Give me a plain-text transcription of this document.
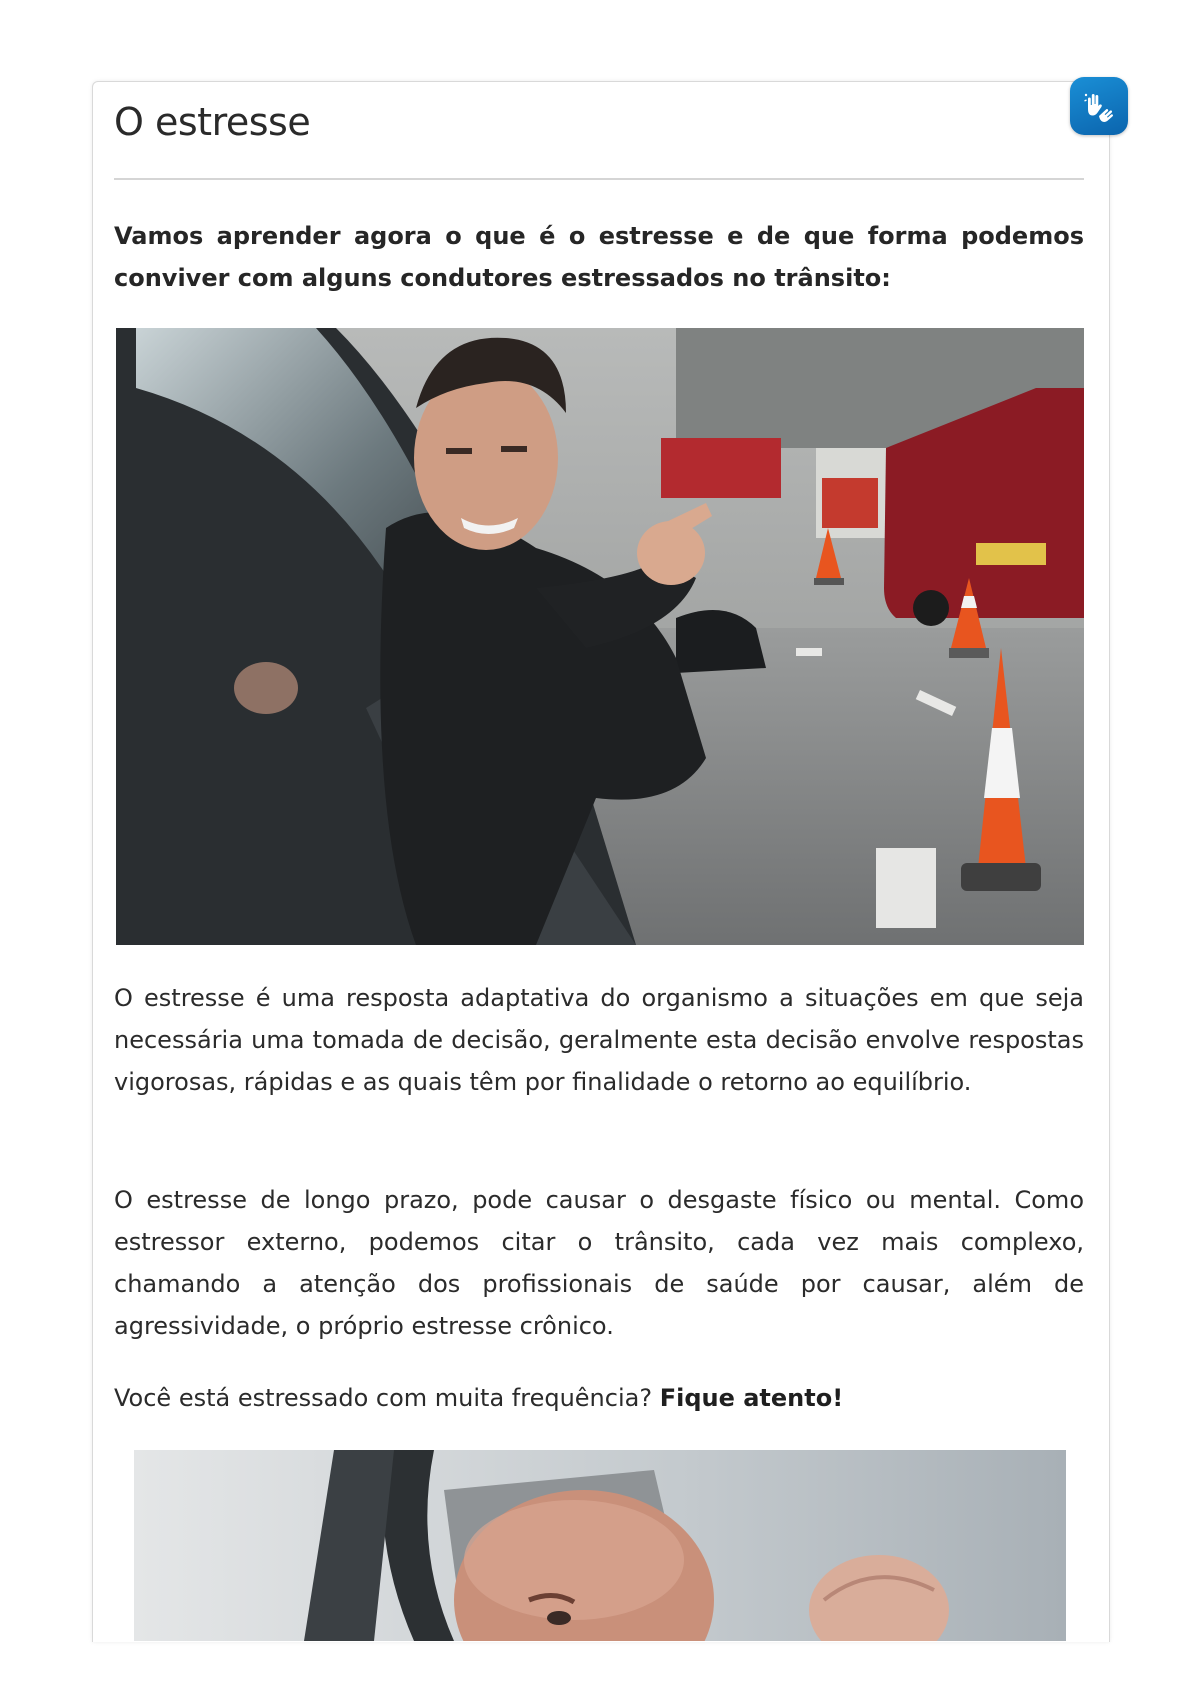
O estresse

Vamos aprender agora o que é o estresse e de que forma podemos conviver com alguns condutores estressados no trânsito:

O estresse é uma resposta adaptativa do organismo a situações em que seja necessária uma tomada de decisão, geralmente esta decisão envolve respostas vigorosas, rápidas e as quais têm por finalidade o retorno ao equilíbrio.

O estresse de longo prazo, pode causar o desgaste físico ou mental. Como estressor externo, podemos citar o trânsito, cada vez mais complexo, chamando a atenção dos profissionais de saúde por causar, além de agressividade, o próprio estresse crônico.

Você está estressado com muita frequência? Fique atento!
